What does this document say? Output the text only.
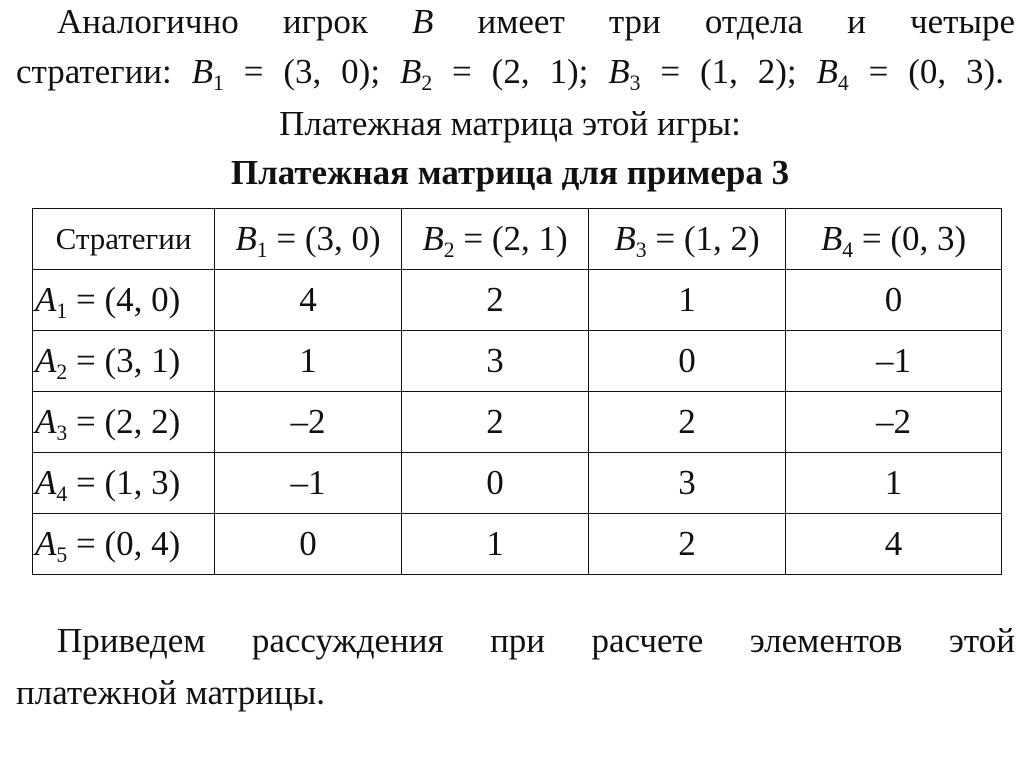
Аналогично игрок B имеет три отдела и четыре
стратегии: $B_1 = (3$, 0); $B_2 = (2$, 1); $B_3 = (1$, 2); $B_4 = (0$, 3).
Платежная матрица этой игры:
Платежная матрица для примера 3
Стратегии	$B_1 = (3$, 0)	$B_2 = (2$, 1)	$B_3 = (1$, 2)	$B_4 = (0$, 3)
$A_1 = (4$, 0)	4	2	1	0
$A_2 = (3$, 1)	1	3	0	–1
$A_3 = (2$, 2)	–2	2	2	–2
$A_4 = (1$, 3)	–1	0	3	1
$A_5 = (0$, 4)	0	1	2	4
Приведем рассуждения при расчете элементов этой
платежной матрицы.
